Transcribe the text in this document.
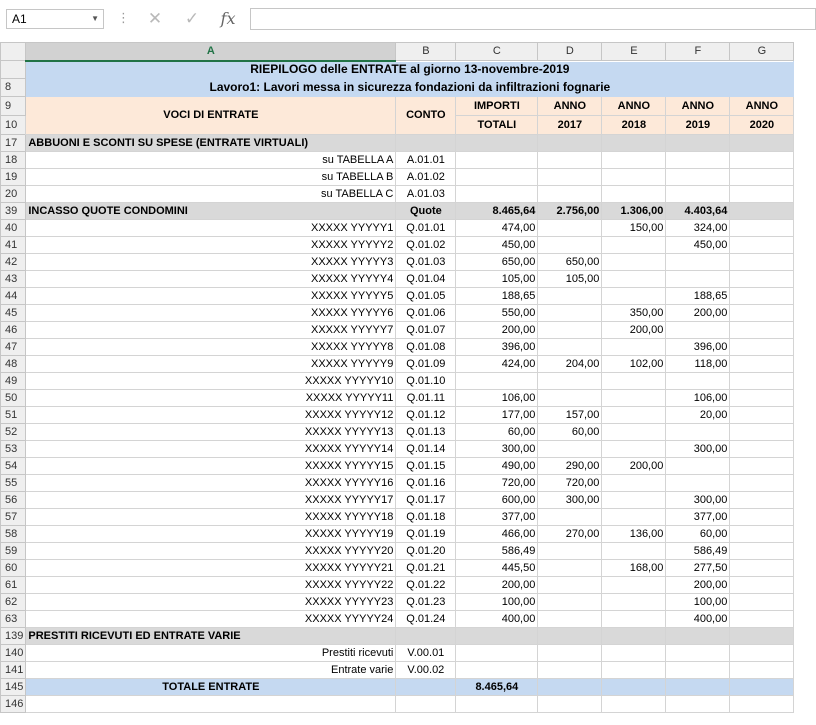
A1	▼ ⋮ ✕ ✓	fx
	A	B	C	D	E	F	G
	RIEPILOGO delle ENTRATE al giorno 13-novembre-2019						
8	Lavoro1: Lavori messa in sicurezza fondazioni da infiltrazioni fognarie						
9	VOCI DI ENTRATE	CONTO	IMPORTI	ANNO	ANNO	ANNO	ANNO
10			TOTALI	2017	2018	2019	2020
17	ABBUONI E SCONTI SU SPESE (ENTRATE VIRTUALI)						
18	su TABELLA A	A.01.01					
19	su TABELLA B	A.01.02					
20	su TABELLA C	A.01.03					
39	INCASSO QUOTE CONDOMINI	Quote	8.465,64	2.756,00	1.306,00	4.403,64	
40	XXXXX YYYYY1	Q.01.01	474,00		150,00	324,00	
41	XXXXX YYYYY2	Q.01.02	450,00			450,00	
42	XXXXX YYYYY3	Q.01.03	650,00	650,00			
43	XXXXX YYYYY4	Q.01.04	105,00	105,00			
44	XXXXX YYYYY5	Q.01.05	188,65			188,65	
45	XXXXX YYYYY6	Q.01.06	550,00		350,00	200,00	
46	XXXXX YYYYY7	Q.01.07	200,00		200,00		
47	XXXXX YYYYY8	Q.01.08	396,00			396,00	
48	XXXXX YYYYY9	Q.01.09	424,00	204,00	102,00	118,00	
49	XXXXX YYYYY10	Q.01.10					
50	XXXXX YYYYY11	Q.01.11	106,00			106,00	
51	XXXXX YYYYY12	Q.01.12	177,00	157,00		20,00	
52	XXXXX YYYYY13	Q.01.13	60,00	60,00			
53	XXXXX YYYYY14	Q.01.14	300,00			300,00	
54	XXXXX YYYYY15	Q.01.15	490,00	290,00	200,00		
55	XXXXX YYYYY16	Q.01.16	720,00	720,00			
56	XXXXX YYYYY17	Q.01.17	600,00	300,00		300,00	
57	XXXXX YYYYY18	Q.01.18	377,00			377,00	
58	XXXXX YYYYY19	Q.01.19	466,00	270,00	136,00	60,00	
59	XXXXX YYYYY20	Q.01.20	586,49			586,49	
60	XXXXX YYYYY21	Q.01.21	445,50		168,00	277,50	
61	XXXXX YYYYY22	Q.01.22	200,00			200,00	
62	XXXXX YYYYY23	Q.01.23	100,00			100,00	
63	XXXXX YYYYY24	Q.01.24	400,00			400,00	
139	PRESTITI RICEVUTI ED ENTRATE VARIE						
140	Prestiti ricevuti	V.00.01					
141	Entrate varie	V.00.02					
145	TOTALE ENTRATE		8.465,64				
146							
